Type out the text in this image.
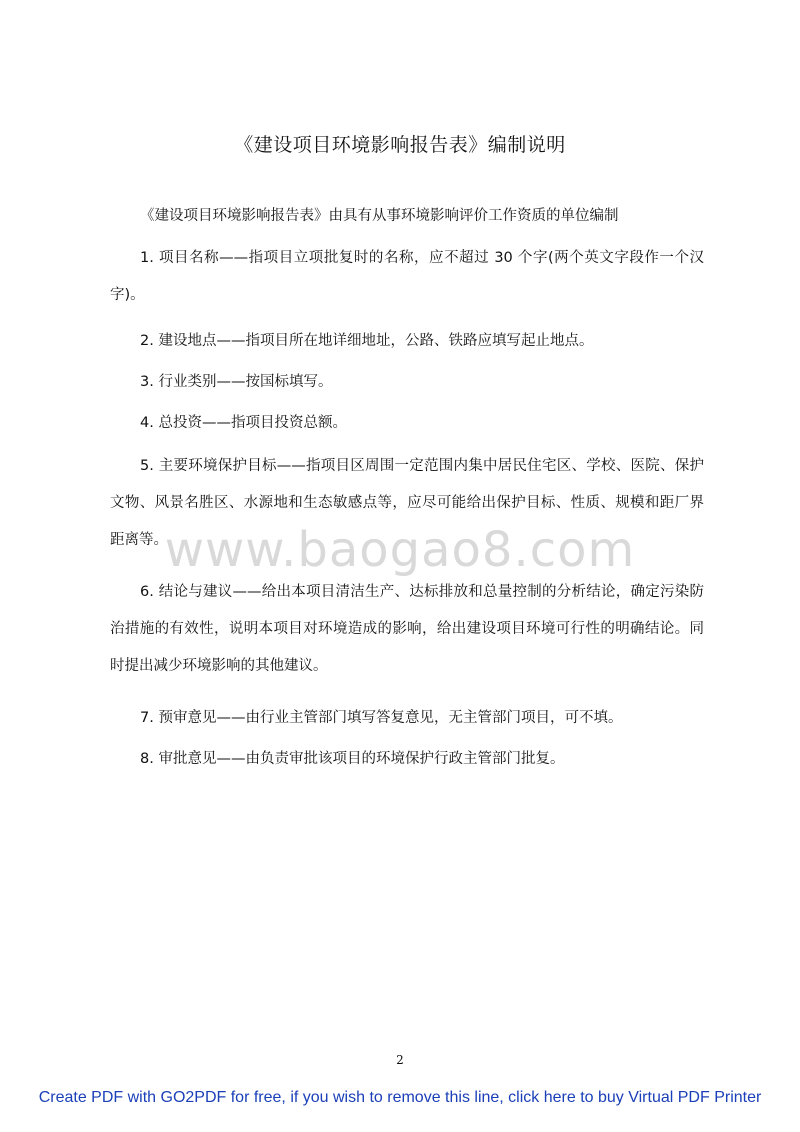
www.baogao8.com
《建设项目环境影响报告表》编制说明

《建设项目环境影响报告表》由具有从事环境影响评价工作资质的单位编制

1. 项目名称——指项目立项批复时的名称，应不超过 30 个字(两个英文字段作一个汉字)。

2. 建设地点——指项目所在地详细地址，公路、铁路应填写起止地点。

3. 行业类别——按国标填写。

4. 总投资——指项目投资总额。

5. 主要环境保护目标——指项目区周围一定范围内集中居民住宅区、学校、医院、保护文物、风景名胜区、水源地和生态敏感点等，应尽可能给出保护目标、性质、规模和距厂界距离等。

6. 结论与建议——给出本项目清洁生产、达标排放和总量控制的分析结论，确定污染防治措施的有效性，说明本项目对环境造成的影响，给出建设项目环境可行性的明确结论。同时提出减少环境影响的其他建议。

7. 预审意见——由行业主管部门填写答复意见，无主管部门项目，可不填。

8. 审批意见——由负责审批该项目的环境保护行政主管部门批复。

2
Create PDF with GO2PDF for free, if you wish to remove this line, click here to buy Virtual PDF Printer
